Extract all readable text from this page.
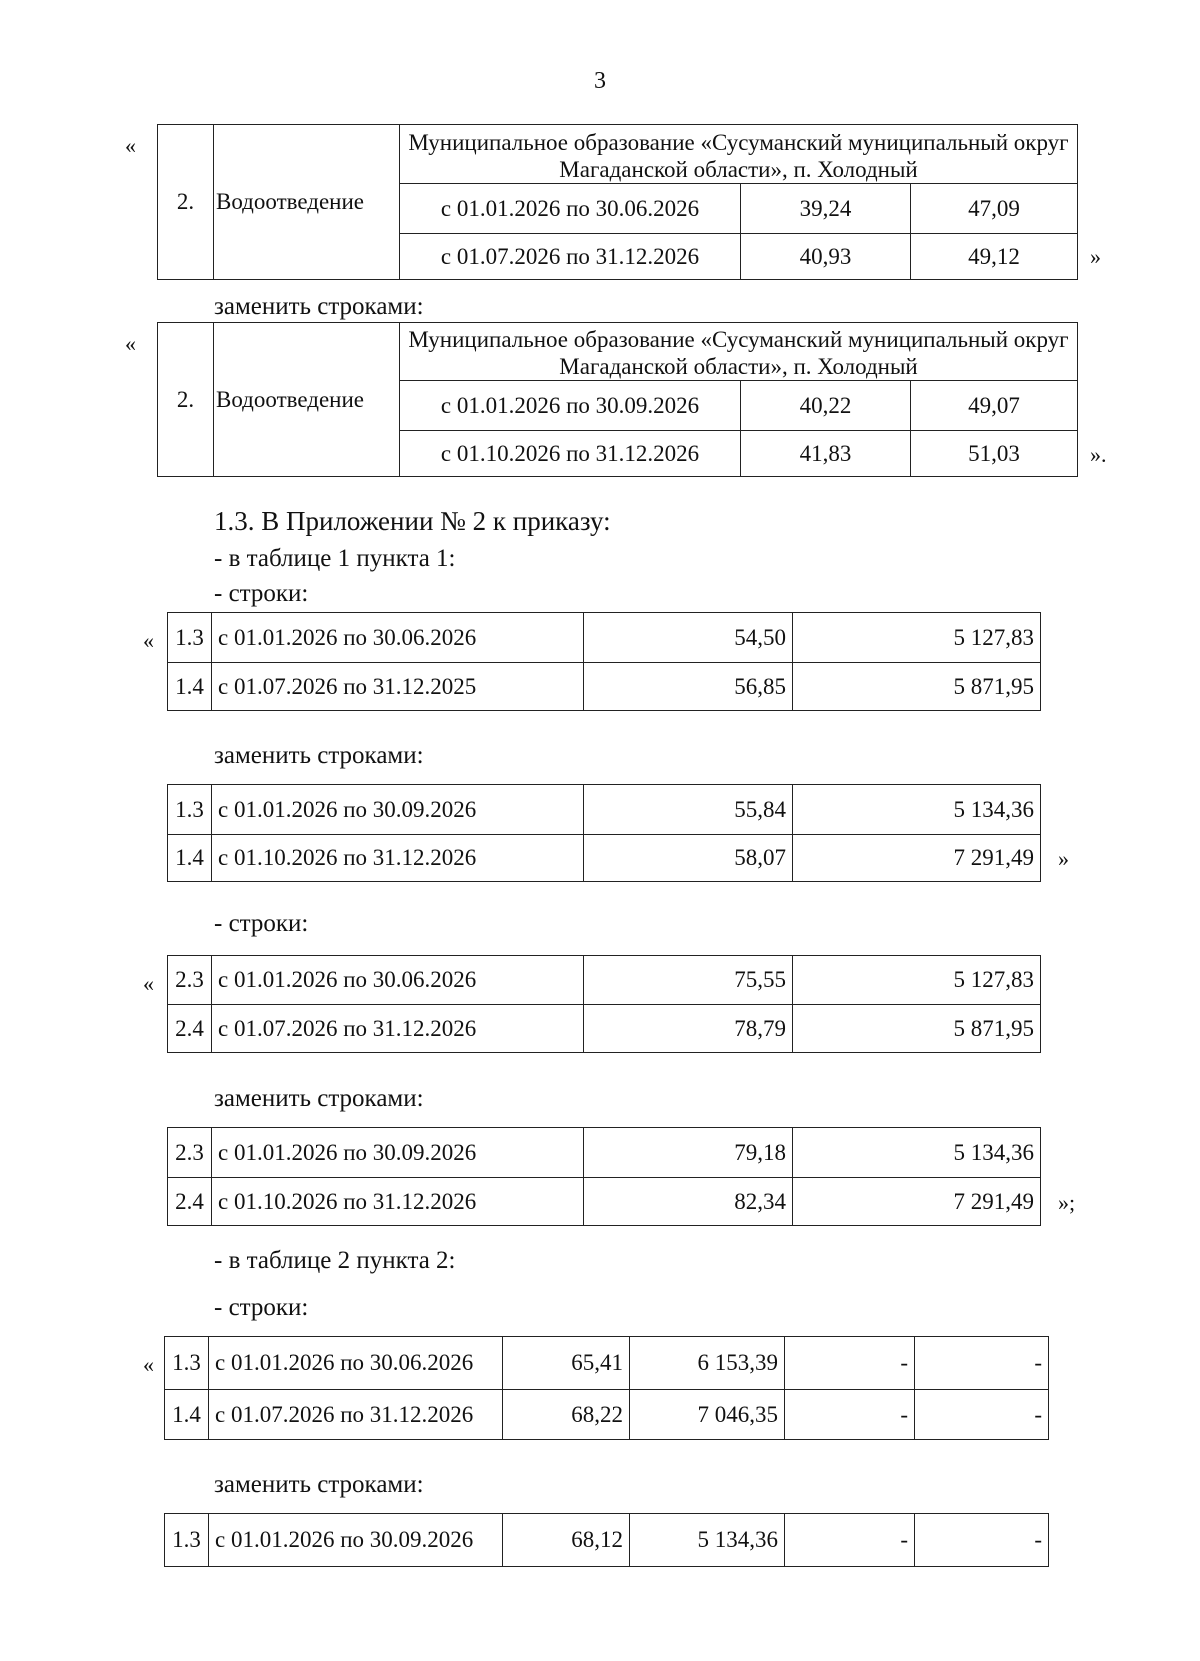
3
«
2.	Водоотведение	Муниципальное образование «Сусуманский муниципальный округ Магаданской области», п. Холодный		
		с 01.01.2026 по 30.06.2026	39,24	47,09
		с 01.07.2026 по 31.12.2026	40,93	49,12	»
заменить строками:
«
2.	Водоотведение	Муниципальное образование «Сусуманский муниципальный округ Магаданской области», п. Холодный		
		с 01.01.2026 по 30.09.2026	40,22	49,07
		с 01.10.2026 по 31.12.2026	41,83	51,03	».
1.3. В Приложении № 2 к приказу:
- в таблице 1 пункта 1:
- строки:
« 1.3	с 01.01.2026 по 30.06.2026	54,50	5 127,83
1.4	с 01.07.2026 по 31.12.2025	56,85	5 871,95
заменить строками:
1.3	с 01.01.2026 по 30.09.2026	55,84	5 134,36
1.4	с 01.10.2026 по 31.12.2026	58,07	7 291,49 »
- строки:
« 2.3	с 01.01.2026 по 30.06.2026	75,55	5 127,83
2.4	с 01.07.2026 по 31.12.2026	78,79	5 871,95
заменить строками:
2.3	с 01.01.2026 по 30.09.2026	79,18	5 134,36
2.4	с 01.10.2026 по 31.12.2026	82,34	7 291,49 »;
- в таблице 2 пункта 2:
- строки:
« 1.3	с 01.01.2026 по 30.06.2026	65,41	6 153,39	-	-
1.4	с 01.07.2026 по 31.12.2026	68,22	7 046,35	-	-
заменить строками:
1.3	с 01.01.2026 по 30.09.2026	68,12	5 134,36	-	-
